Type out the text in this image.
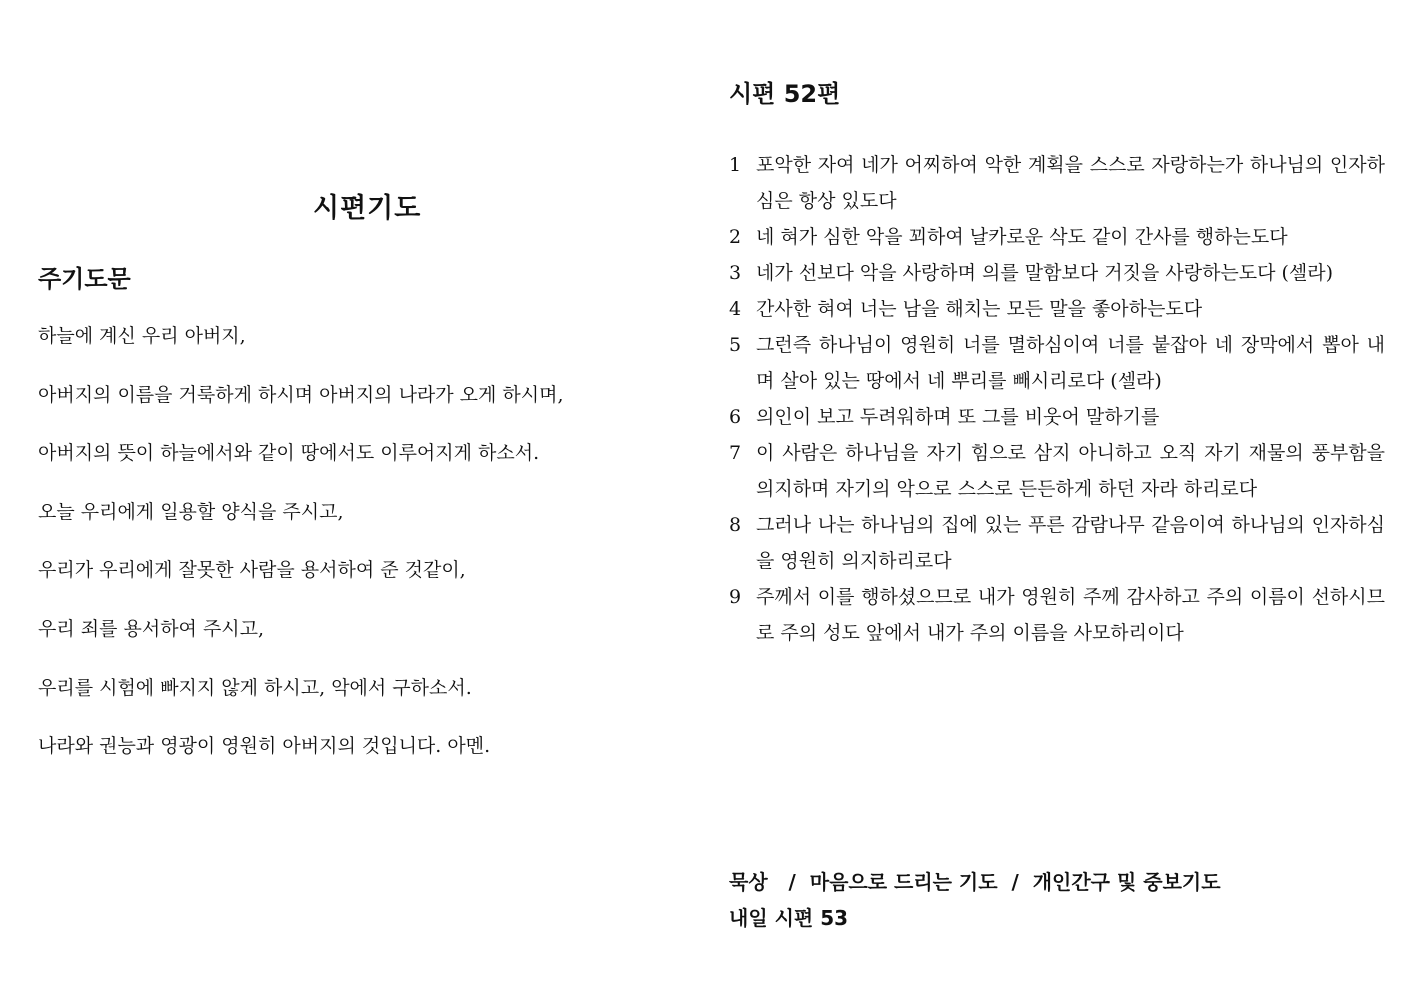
시편기도
주기도문
하늘에 계신 우리 아버지,
아버지의 이름을 거룩하게 하시며 아버지의 나라가 오게 하시며,
아버지의 뜻이 하늘에서와 같이 땅에서도 이루어지게 하소서.
오늘 우리에게 일용할 양식을 주시고,
우리가 우리에게 잘못한 사람을 용서하여 준 것같이,
우리 죄를 용서하여 주시고,
우리를 시험에 빠지지 않게 하시고, 악에서 구하소서.
나라와 권능과 영광이 영원히 아버지의 것입니다. 아멘.
시편 52편
1 포악한 자여 네가 어찌하여 악한 계획을 스스로 자랑하는가 하나님의 인자하심은 항상 있도다
2 네 혀가 심한 악을 꾀하여 날카로운 삭도 같이 간사를 행하는도다
3 네가 선보다 악을 사랑하며 의를 말함보다 거짓을 사랑하는도다 (셀라)
4 간사한 혀여 너는 남을 해치는 모든 말을 좋아하는도다
5 그런즉 하나님이 영원히 너를 멸하심이여 너를 붙잡아 네 장막에서 뽑아 내며 살아 있는 땅에서 네 뿌리를 빼시리로다 (셀라)
6 의인이 보고 두려워하며 또 그를 비웃어 말하기를
7 이 사람은 하나님을 자기 힘으로 삼지 아니하고 오직 자기 재물의 풍부함을 의지하며 자기의 악으로 스스로 든든하게 하던 자라 하리로다
8 그러나 나는 하나님의 집에 있는 푸른 감람나무 같음이여 하나님의 인자하심을 영원히 의지하리로다
9 주께서 이를 행하셨으므로 내가 영원히 주께 감사하고 주의 이름이 선하시므로 주의 성도 앞에서 내가 주의 이름을 사모하리이다
묵상   /  마음으로 드리는 기도  /  개인간구 및 중보기도
내일 시편 53
